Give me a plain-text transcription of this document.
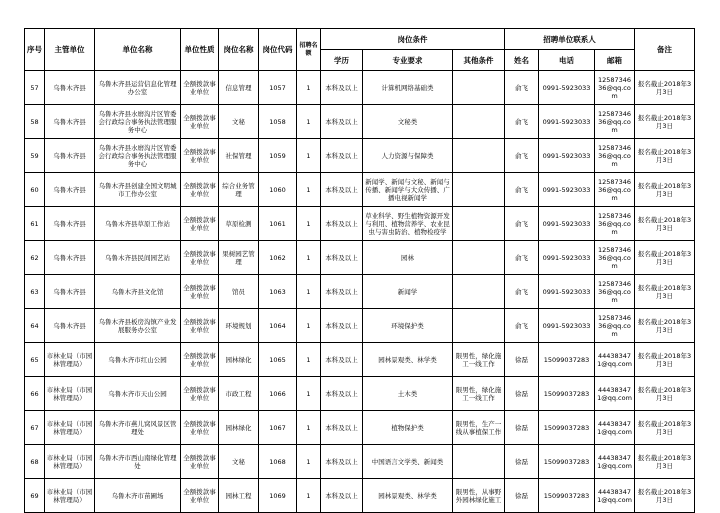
序号	主管单位	单位名称	单位性质	岗位名称	岗位代码	招聘名额	岗位条件			招聘单位联系人			备注
							学历	专业要求	其他条件	姓名	电话	邮箱	
57	乌鲁木齐县	乌鲁木齐县运营信息化管理办公室	全额拨款事业单位	信息管理	1057	1	本科及以上	计算机网络基础类		俞飞	0991-5923033	1258734636@qq.com	报名截止2018年3月3日
58	乌鲁木齐县	乌鲁木齐县水磨沟片区管委会行政综合事务执法管理服务中心	全额拨款事业单位	文秘	1058	1	本科及以上	文秘类		俞飞	0991-5923033	1258734636@qq.com	报名截止2018年3月3日
59	乌鲁木齐县	乌鲁木齐县水磨沟片区管委会行政综合事务执法管理服务中心	全额拨款事业单位	社保管理	1059	1	本科及以上	人力资源与保障类		俞飞	0991-5923033	1258734636@qq.com	报名截止2018年3月3日
60	乌鲁木齐县	乌鲁木齐县创建全国文明城市工作办公室	全额拨款事业单位	综合业务管理	1060	1	本科及以上	新闻学、新闻与文秘、新闻与传播、新闻学与大众传播、广播电视新闻学		俞飞	0991-5923033	1258734636@qq.com	报名截止2018年3月3日
61	乌鲁木齐县	乌鲁木齐县草原工作站	全额拨款事业单位	草原检测	1061	1	本科及以上	草业科学、野生植物资源开发与利用、植物营养学、农业昆虫与害虫防治、植物检疫学		俞飞	0991-5923033	1258734636@qq.com	报名截止2018年3月3日
62	乌鲁木齐县	乌鲁木齐县民间园艺站	全额拨款事业单位	果树园艺管理	1062	1	本科及以上	园林		俞飞	0991-5923033	1258734636@qq.com	报名截止2018年3月3日
63	乌鲁木齐县	乌鲁木齐县文化馆	全额拨款事业单位	馆员	1063	1	本科及以上	新闻学		俞飞	0991-5923033	1258734636@qq.com	报名截止2018年3月3日
64	乌鲁木齐县	乌鲁木齐县板房沟镇产业发展服务办公室	全额拨款事业单位	环境规划	1064	1	本科及以上	环境保护类		俞飞	0991-5923033	1258734636@qq.com	报名截止2018年3月3日
65	市林业局（市园林管理局）	乌鲁木齐市红山公园	全额拨款事业单位	园林绿化	1065	1	本科及以上	园林景观类、林学类	限男性，绿化施工一线工作	徐磊	15099037283	444383471@qq.com	报名截止2018年3月3日
66	市林业局（市园林管理局）	乌鲁木齐市天山公园	全额拨款事业单位	市政工程	1066	1	本科及以上	土木类	限男性，绿化施工一线工作	徐磊	15099037283	444383471@qq.com	报名截止2018年3月3日
67	市林业局（市园林管理局）	乌鲁木齐市燕儿窝风景区管理处	全额拨款事业单位	园林绿化	1067	1	本科及以上	植物保护类	限男性，生产一线从事植保工作	徐磊	15099037283	444383471@qq.com	报名截止2018年3月3日
68	市林业局（市园林管理局）	乌鲁木齐市西山南绿化管理处	全额拨款事业单位	文秘	1068	1	本科及以上	中国语言文学类、新闻类		徐磊	15099037283	444383471@qq.com	报名截止2018年3月3日
69	市林业局（市园林管理局）	乌鲁木齐市苗圃场	全额拨款事业单位	园林工程	1069	1	本科及以上	园林景观类、林学类	限男性，从事野外园林绿化施工	徐磊	15099037283	444383471@qq.com	报名截止2018年3月3日
